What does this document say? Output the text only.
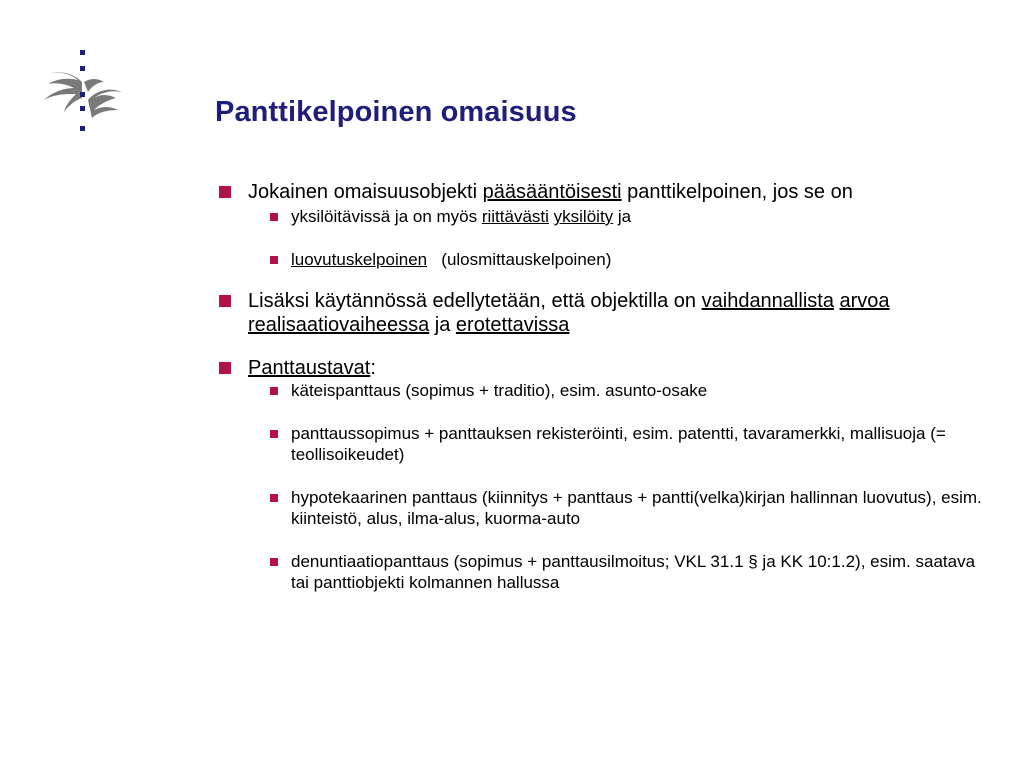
Panttikelpoinen omaisuus
Jokainen omaisuusobjekti pääsääntöisesti panttikelpoinen, jos se on
yksilöitävissä ja on myös riittävästi yksilöity ja
luovutuskelpoinen   (ulosmittauskelpoinen)
Lisäksi käytännössä edellytetään, että objektilla on vaihdannallista arvoa realisaatiovaiheessa ja erotettavissa
Panttaustavat:
käteispanttaus (sopimus + traditio), esim. asunto-osake
panttaussopimus + panttauksen rekisteröinti, esim. patentti, tavaramerkki, mallisuoja (= teollisoikeudet)
hypotekaarinen panttaus (kiinnitys + panttaus + pantti(velka)kirjan hallinnan luovutus), esim. kiinteistö, alus, ilma-alus, kuorma-auto
denuntiaatiopanttaus (sopimus + panttausilmoitus; VKL 31.1 § ja KK 10:1.2), esim. saatava tai panttiobjekti kolmannen hallussa
